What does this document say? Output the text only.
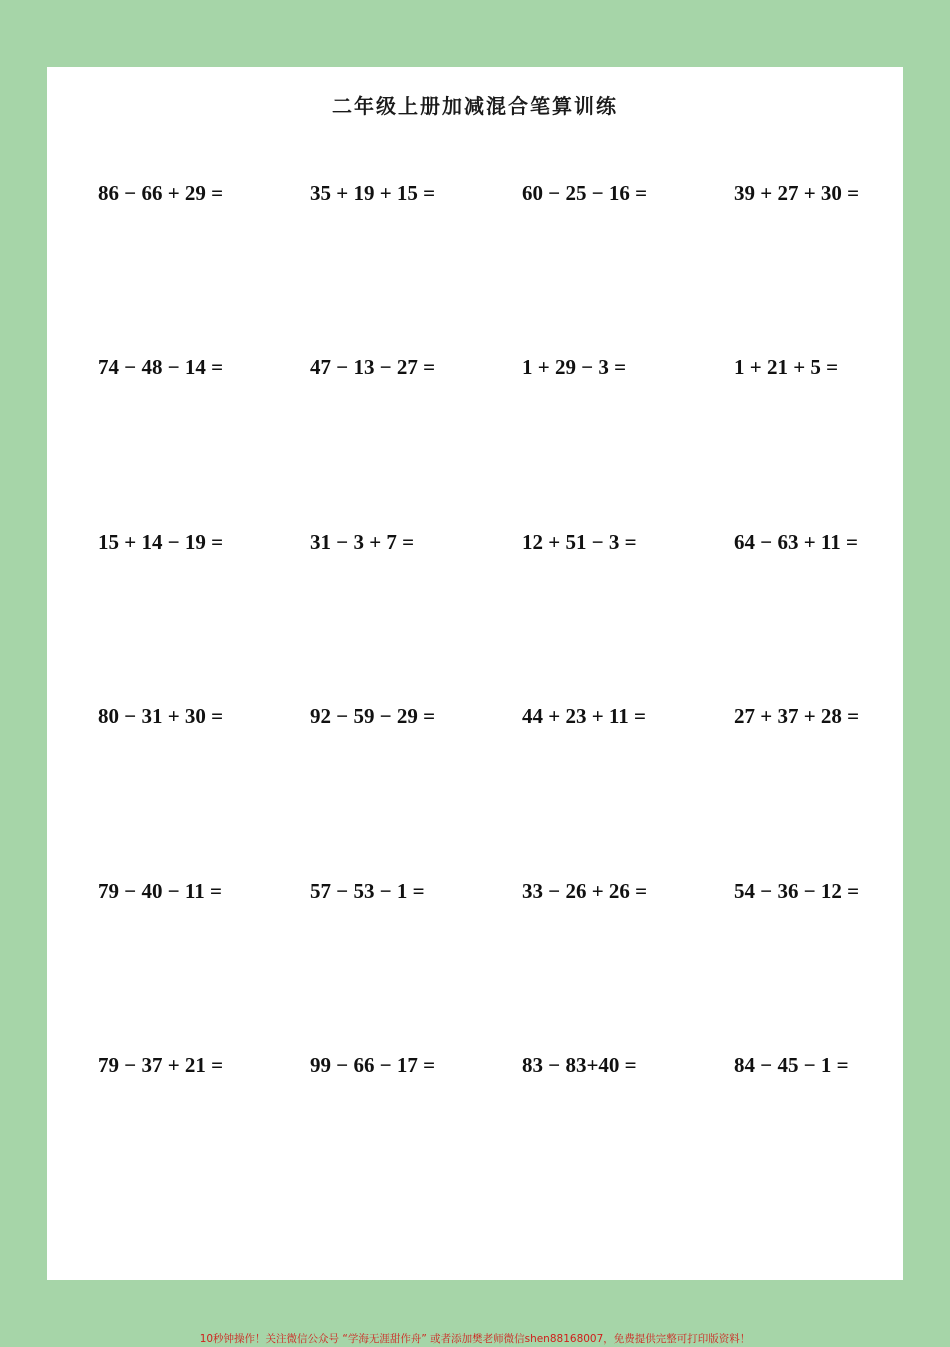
二年级上册加减混合笔算训练
86 − 66 + 29 =	35 + 19 + 15 =	60 − 25 − 16 =	39 + 27 + 30 =
74 − 48 − 14 =	47 − 13 − 27 =	1 + 29 − 3 =	1 + 21 + 5 =
15 + 14 − 19 =	31 − 3 + 7 =	12 + 51 − 3 =	64 − 63 + 11 =
80 − 31 + 30 =	92 − 59 − 29 =	44 + 23 + 11 =	27 + 37 + 28 =
79 − 40 − 11 =	57 − 53 − 1 =	33 − 26 + 26 =	54 − 36 − 12 =
79 − 37 + 21 =	99 − 66 − 17 =	83 − 83+40 =	84 − 45 − 1 =
10秒钟操作！关注微信公众号 “学海无涯甜作舟” 或者添加樊老师微信shen88168007，免费提供完整可打印版资料！
